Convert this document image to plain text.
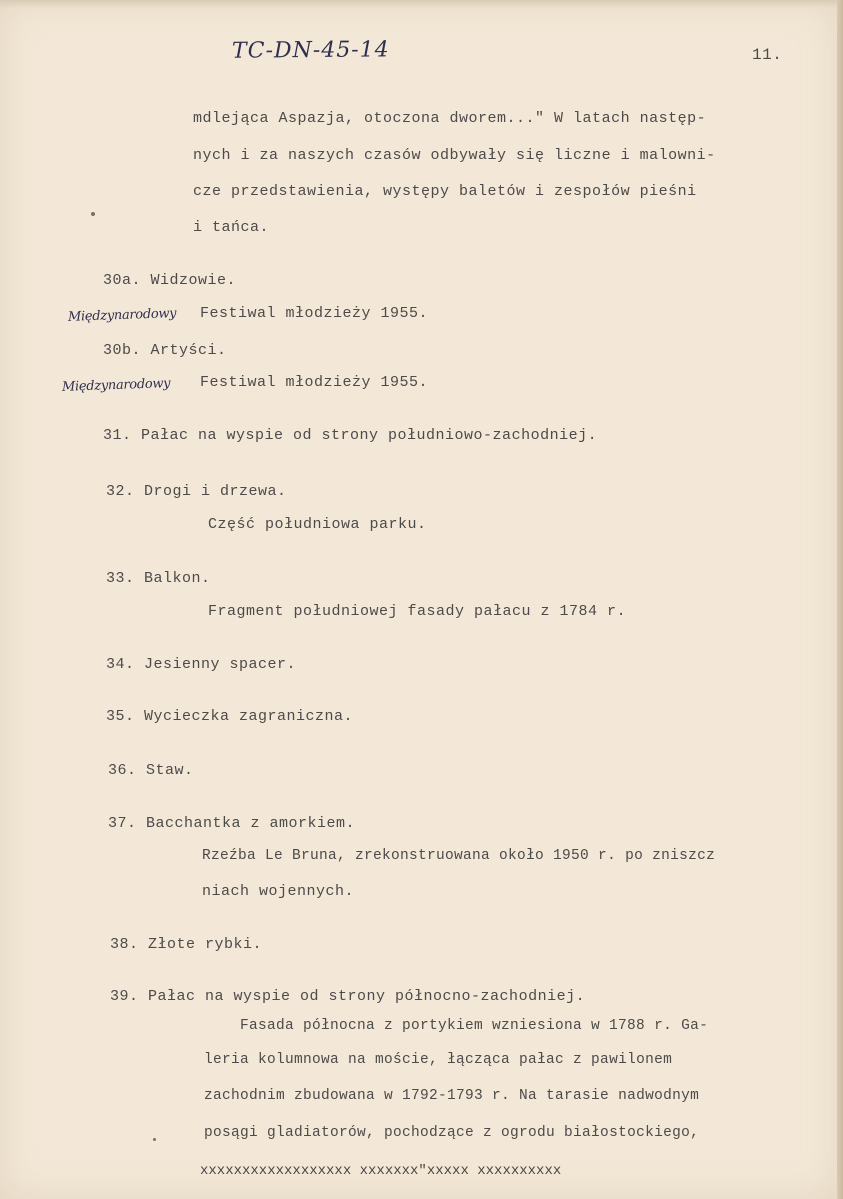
TC-DN-45-14	11.
mdlejąca Aspazja, otoczona dworem..." W latach następ-
nych i za naszych czasów odbywały się liczne i malowni-
cze przedstawienia, występy baletów i zespołów pieśni
i tańca.
30a. Widzowie.
Międzynarodowy Festiwal młodzieży 1955.
30b. Artyści.
Międzynarodowy Festiwal młodzieży 1955.
31. Pałac na wyspie od strony południowo-zachodniej.
32. Drogi i drzewa.
Część południowa parku.
33. Balkon.
Fragment południowej fasady pałacu z 1784 r.
34. Jesienny spacer.
35. Wycieczka zagraniczna.
36. Staw.
37. Bacchantka z amorkiem.
Rzeźba Le Bruna, zrekonstruowana około 1950 r. po zniszcz
niach wojennych.
38. Złote rybki.
39. Pałac na wyspie od strony północno-zachodniej.
Fasada północna z portykiem wzniesiona w 1788 r. Ga-
leria kolumnowa na moście, łącząca pałac z pawilonem
zachodnim zbudowana w 1792-1793 r. Na tarasie nadwodnym
posągi gladiatorów, pochodzące z ogrodu białostockiego,
xxxxxxxxxxxxxxxxxx xxxxxxx"xxxxx xxxxxxxxxx
